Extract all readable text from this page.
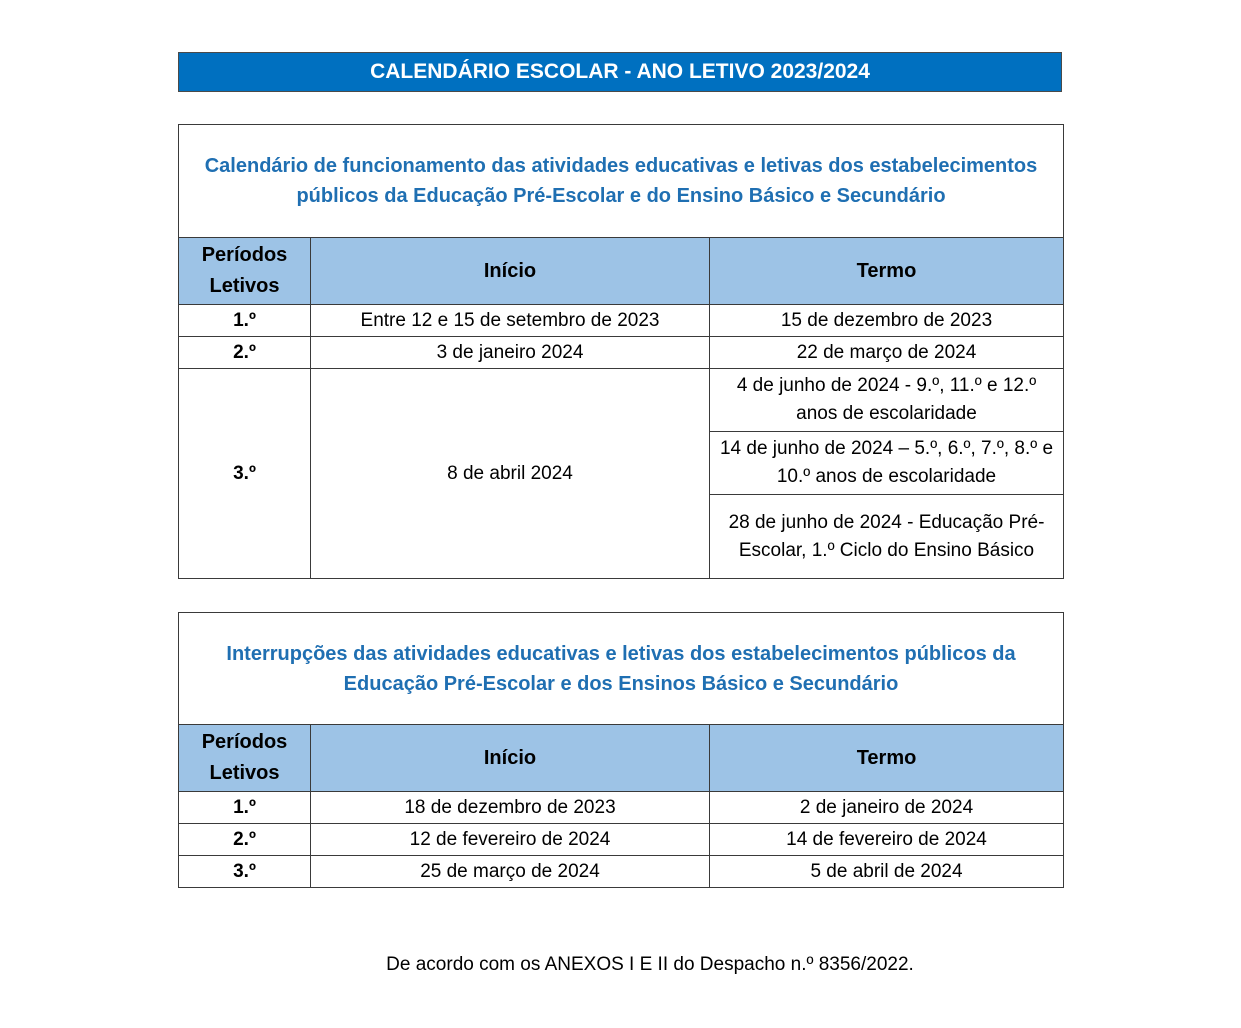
CALENDÁRIO ESCOLAR - ANO LETIVO 2023/2024
Calendário de funcionamento das atividades educativas e letivas dos estabelecimentos públicos da Educação Pré-Escolar e do Ensino Básico e Secundário		
Períodos Letivos	Início	Termo
1.º	Entre 12 e 15 de setembro de 2023	15 de dezembro de 2023
2.º	3 de janeiro 2024	22 de março de 2024
3.º	8 de abril 2024	4 de junho de 2024 - 9.º, 11.º e 12.º anos de escolaridade
		14 de junho de 2024 – 5.º, 6.º, 7.º, 8.º e 10.º anos de escolaridade
		28 de junho de 2024 - Educação Pré-Escolar, 1.º Ciclo do Ensino Básico
Interrupções das atividades educativas e letivas dos estabelecimentos públicos da Educação Pré-Escolar e dos Ensinos Básico e Secundário		
Períodos Letivos	Início	Termo
1.º	18 de dezembro de 2023	2 de janeiro de 2024
2.º	12 de fevereiro de 2024	14 de fevereiro de 2024
3.º	25 de março de 2024	5 de abril de 2024
De acordo com os ANEXOS I E II do Despacho n.º 8356/2022.
